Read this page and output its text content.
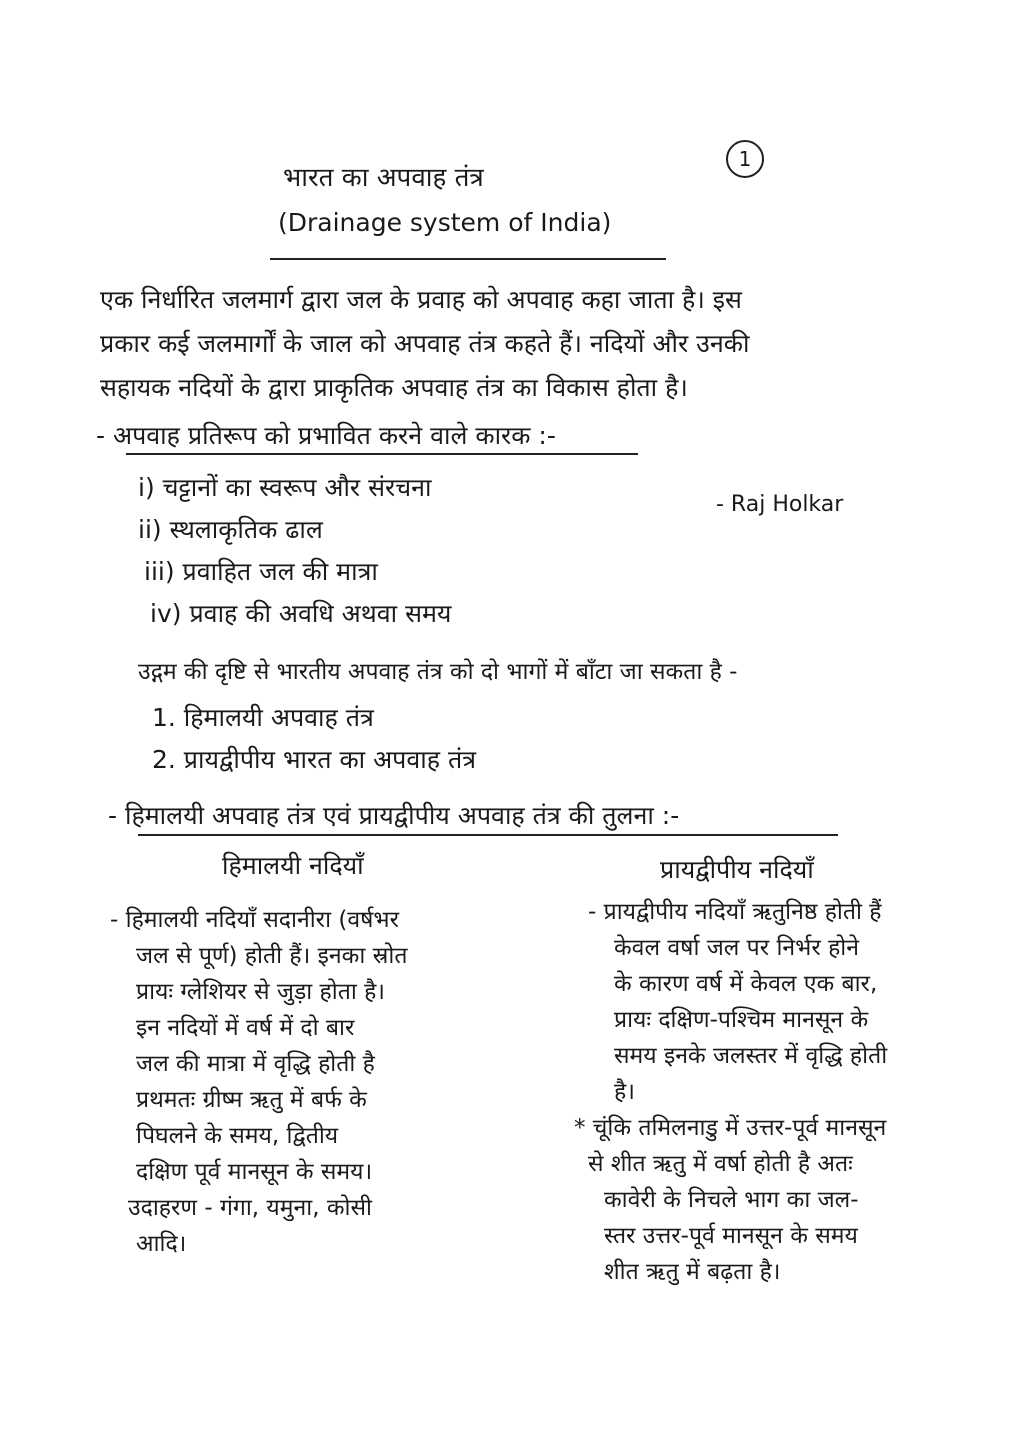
1
भारत का अपवाह तंत्र
(Drainage system of India)
एक निर्धारित जलमार्ग द्वारा जल के प्रवाह को अपवाह कहा जाता है। इस
प्रकार कई जलमार्गों के जाल को अपवाह तंत्र कहते हैं। नदियों और उनकी
सहायक नदियों के द्वारा प्राकृतिक अपवाह तंत्र का विकास होता है।
- अपवाह प्रतिरूप को प्रभावित करने वाले कारक :-
i) चट्टानों का स्वरूप और संरचना
ii) स्थलाकृतिक ढाल
iii) प्रवाहित जल की मात्रा
iv) प्रवाह की अवधि अथवा समय
- Raj Holkar
उद्गम की दृष्टि से भारतीय अपवाह तंत्र को दो भागों में बाँटा जा सकता है -
1. हिमालयी अपवाह तंत्र
2. प्रायद्वीपीय भारत का अपवाह तंत्र
- हिमालयी अपवाह तंत्र एवं प्रायद्वीपीय अपवाह तंत्र की तुलना :-
हिमालयी नदियाँ	प्रायद्वीपीय नदियाँ
- हिमालयी नदियाँ सदानीरा (वर्षभर
जल से पूर्ण) होती हैं। इनका स्रोत
प्रायः ग्लेशियर से जुड़ा होता है।
इन नदियों में वर्ष में दो बार
जल की मात्रा में वृद्धि होती है
प्रथमतः ग्रीष्म ऋतु में बर्फ के
पिघलने के समय, द्वितीय
दक्षिण पूर्व मानसून के समय।
उदाहरण - गंगा, यमुना, कोसी
आदि।
- प्रायद्वीपीय नदियाँ ऋतुनिष्ठ होती हैं
केवल वर्षा जल पर निर्भर होने
के कारण वर्ष में केवल एक बार,
प्रायः दक्षिण-पश्चिम मानसून के
समय इनके जलस्तर में वृद्धि होती
है।
* चूंकि तमिलनाडु में उत्तर-पूर्व मानसून
से शीत ऋतु में वर्षा होती है अतः
कावेरी के निचले भाग का जल-
स्तर उत्तर-पूर्व मानसून के समय
शीत ऋतु में बढ़ता है।
